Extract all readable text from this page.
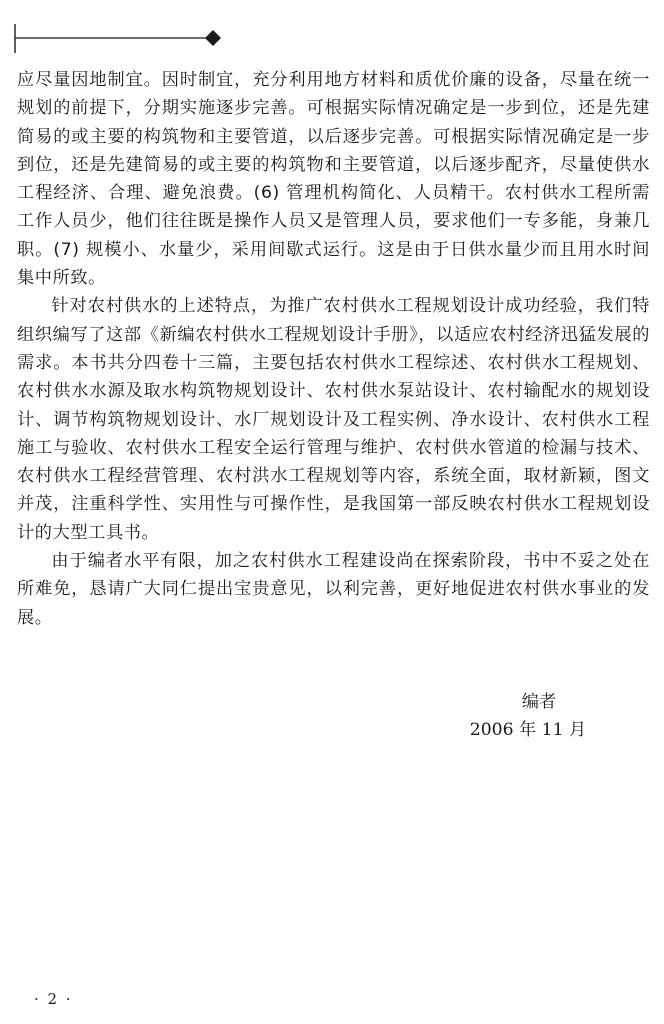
应尽量因地制宜。因时制宜，充分利用地方材料和质优价廉的设备，尽量在统一规划的前提下，分期实施逐步完善。可根据实际情况确定是一步到位，还是先建简易的或主要的构筑物和主要管道，以后逐步完善。可根据实际情况确定是一步到位，还是先建简易的或主要的构筑物和主要管道，以后逐步配齐，尽量使供水工程经济、合理、避免浪费。(6) 管理机构简化、人员精干。农村供水工程所需工作人员少，他们往往既是操作人员又是管理人员，要求他们一专多能，身兼几职。(7) 规模小、水量少，采用间歇式运行。这是由于日供水量少而且用水时间集中所致。

针对农村供水的上述特点，为推广农村供水工程规划设计成功经验，我们特组织编写了这部《新编农村供水工程规划设计手册》，以适应农村经济迅猛发展的需求。本书共分四卷十三篇，主要包括农村供水工程综述、农村供水工程规划、农村供水水源及取水构筑物规划设计、农村供水泵站设计、农村输配水的规划设计、调节构筑物规划设计、水厂规划设计及工程实例、净水设计、农村供水工程施工与验收、农村供水工程安全运行管理与维护、农村供水管道的检漏与技术、农村供水工程经营管理、农村洪水工程规划等内容，系统全面，取材新颖，图文并茂，注重科学性、实用性与可操作性，是我国第一部反映农村供水工程规划设计的大型工具书。

由于编者水平有限，加之农村供水工程建设尚在探索阶段，书中不妥之处在所难免，恳请广大同仁提出宝贵意见，以利完善，更好地促进农村供水事业的发展。

编者
2006 年 11 月
· 2 ·
